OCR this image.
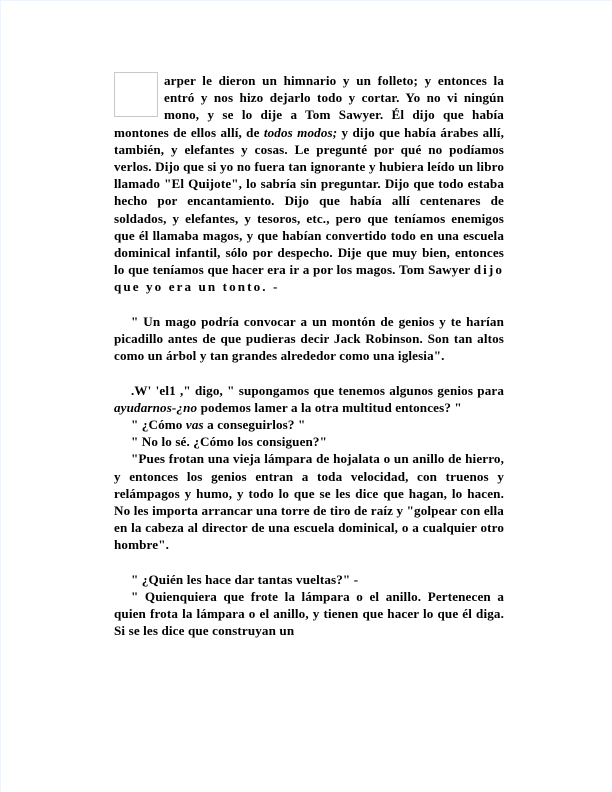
arper le dieron un himnario y un folleto; y entonces la entró y nos hizo dejarlo todo y cortar. Yo no vi ningún mono, y se lo dije a Tom Sawyer. Él dijo que había montones de ellos allí, de todos modos; y dijo que había árabes allí, también, y elefantes y cosas. Le pregunté por qué no podíamos verlos. Dijo que si yo no fuera tan ignorante y hubiera leído un libro llamado "El Quijote", lo sabría sin preguntar. Dijo que todo estaba hecho por encantamiento. Dijo que había allí centenares de soldados, y elefantes, y tesoros, etc., pero que teníamos enemigos que él llamaba magos, y que habían convertido todo en una escuela dominical infantil, sólo por despecho. Dije que muy bien, entonces lo que teníamos que hacer era ir a por los magos. Tom Sawyer dijo que yo era un tonto. -

" Un mago podría convocar a un montón de genios y te harían picadillo antes de que pudieras decir Jack Robinson. Son tan altos como un árbol y tan grandes alrededor como una iglesia".

.W' 'el1 ," digo, " supongamos que tenemos algunos genios para ayudarnos-¿no podemos lamer a la otra multitud entonces? "

" ¿Cómo vas a conseguirlos? "

" No lo sé. ¿Cómo los consiguen?"

"Pues frotan una vieja lámpara de hojalata o un anillo de hierro, y entonces los genios entran a toda velocidad, con truenos y relámpagos y humo, y todo lo que se les dice que hagan, lo hacen. No les importa arrancar una torre de tiro de raíz y "golpear con ella en la cabeza al director de una escuela dominical, o a cualquier otro hombre".

" ¿Quién les hace dar tantas vueltas?" -

" Quienquiera que frote la lámpara o el anillo. Pertenecen a quien frota la lámpara o el anillo, y tienen que hacer lo que él diga. Si se les dice que construyan un
